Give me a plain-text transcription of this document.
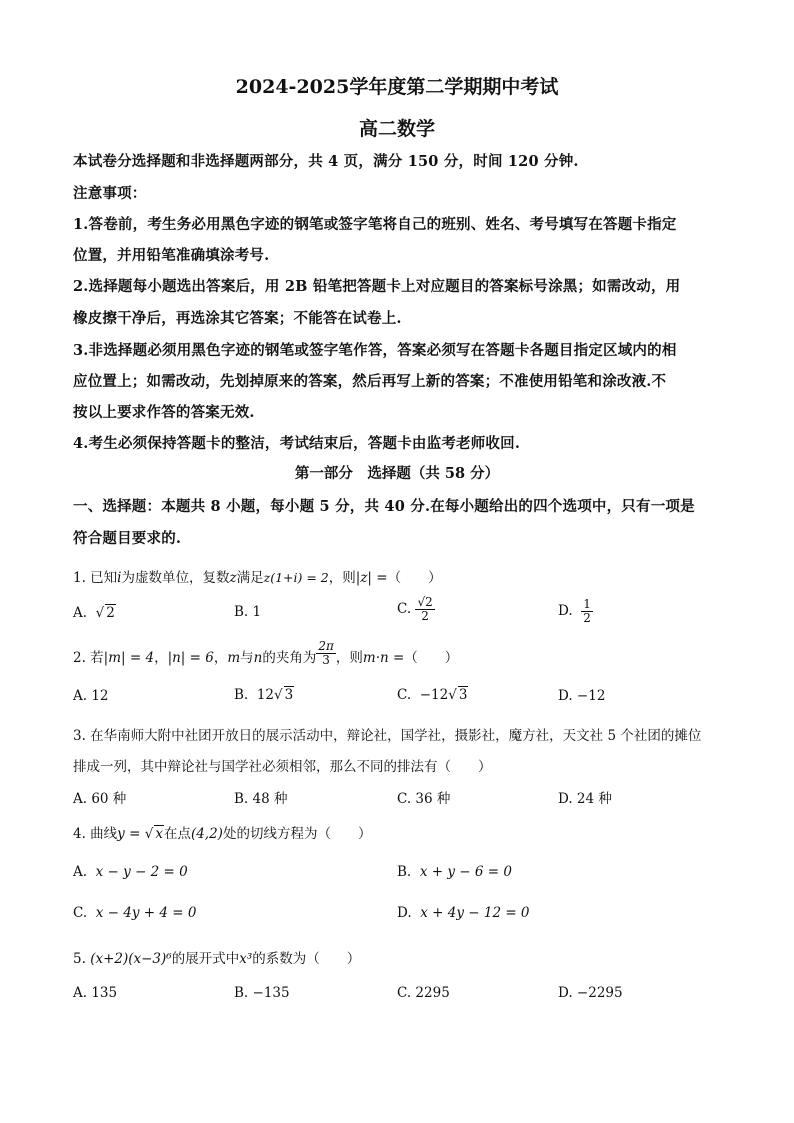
2024-2025学年度第二学期期中考试
高二数学
本试卷分选择题和非选择题两部分，共 4 页，满分 150 分，时间 120 分钟.
注意事项：
1.答卷前，考生务必用黑色字迹的钢笔或签字笔将自己的班别、姓名、考号填写在答题卡指定
位置，并用铅笔准确填涂考号.
2.选择题每小题选出答案后，用 2B 铅笔把答题卡上对应题目的答案标号涂黑；如需改动，用
橡皮擦干净后，再选涂其它答案；不能答在试卷上.
3.非选择题必须用黑色字迹的钢笔或签字笔作答，答案必须写在答题卡各题目指定区域内的相
应位置上；如需改动，先划掉原来的答案，然后再写上新的答案；不准使用铅笔和涂改液.不
按以上要求作答的答案无效.
4.考生必须保持答题卡的整洁，考试结束后，答题卡由监考老师收回.
第一部分　选择题（共 58 分）
一、选择题：本题共 8 小题，每小题 5 分，共 40 分.在每小题给出的四个选项中，只有一项是
符合题目要求的.
1. 已知i为虚数单位，复数z满足z(1+i) = 2，则|z| =（　　）
A.  √ 2	B. 1	C. $\frac{√2}{2}$	D. $\frac{1}{2}$
2. 若|m| = 4，|n| = 6，m与n的夹角为 $\frac{2\pi}{3}$ ，则m·n =（　　）
A. 12	B. 12√ 3	C. −12√ 3	D. −12
3. 在华南师大附中社团开放日的展示活动中，辩论社，国学社，摄影社，魔方社，天文社 5 个社团的摊位
排成一列，其中辩论社与国学社必须相邻，那么不同的排法有（　　）
A. 60 种	B. 48 种	C. 36 种	D. 24 种
4. 曲线y = √ x在点(4,2)处的切线方程为（　　）
A. x − y − 2 = 0	B. x + y − 6 = 0
C. x − 4y + 4 = 0	D. x + 4y − 12 = 0
5. (x+2)(x−3)⁶的展开式中x³的系数为（　　）
A. 135	B. −135	C. 2295	D. −2295
